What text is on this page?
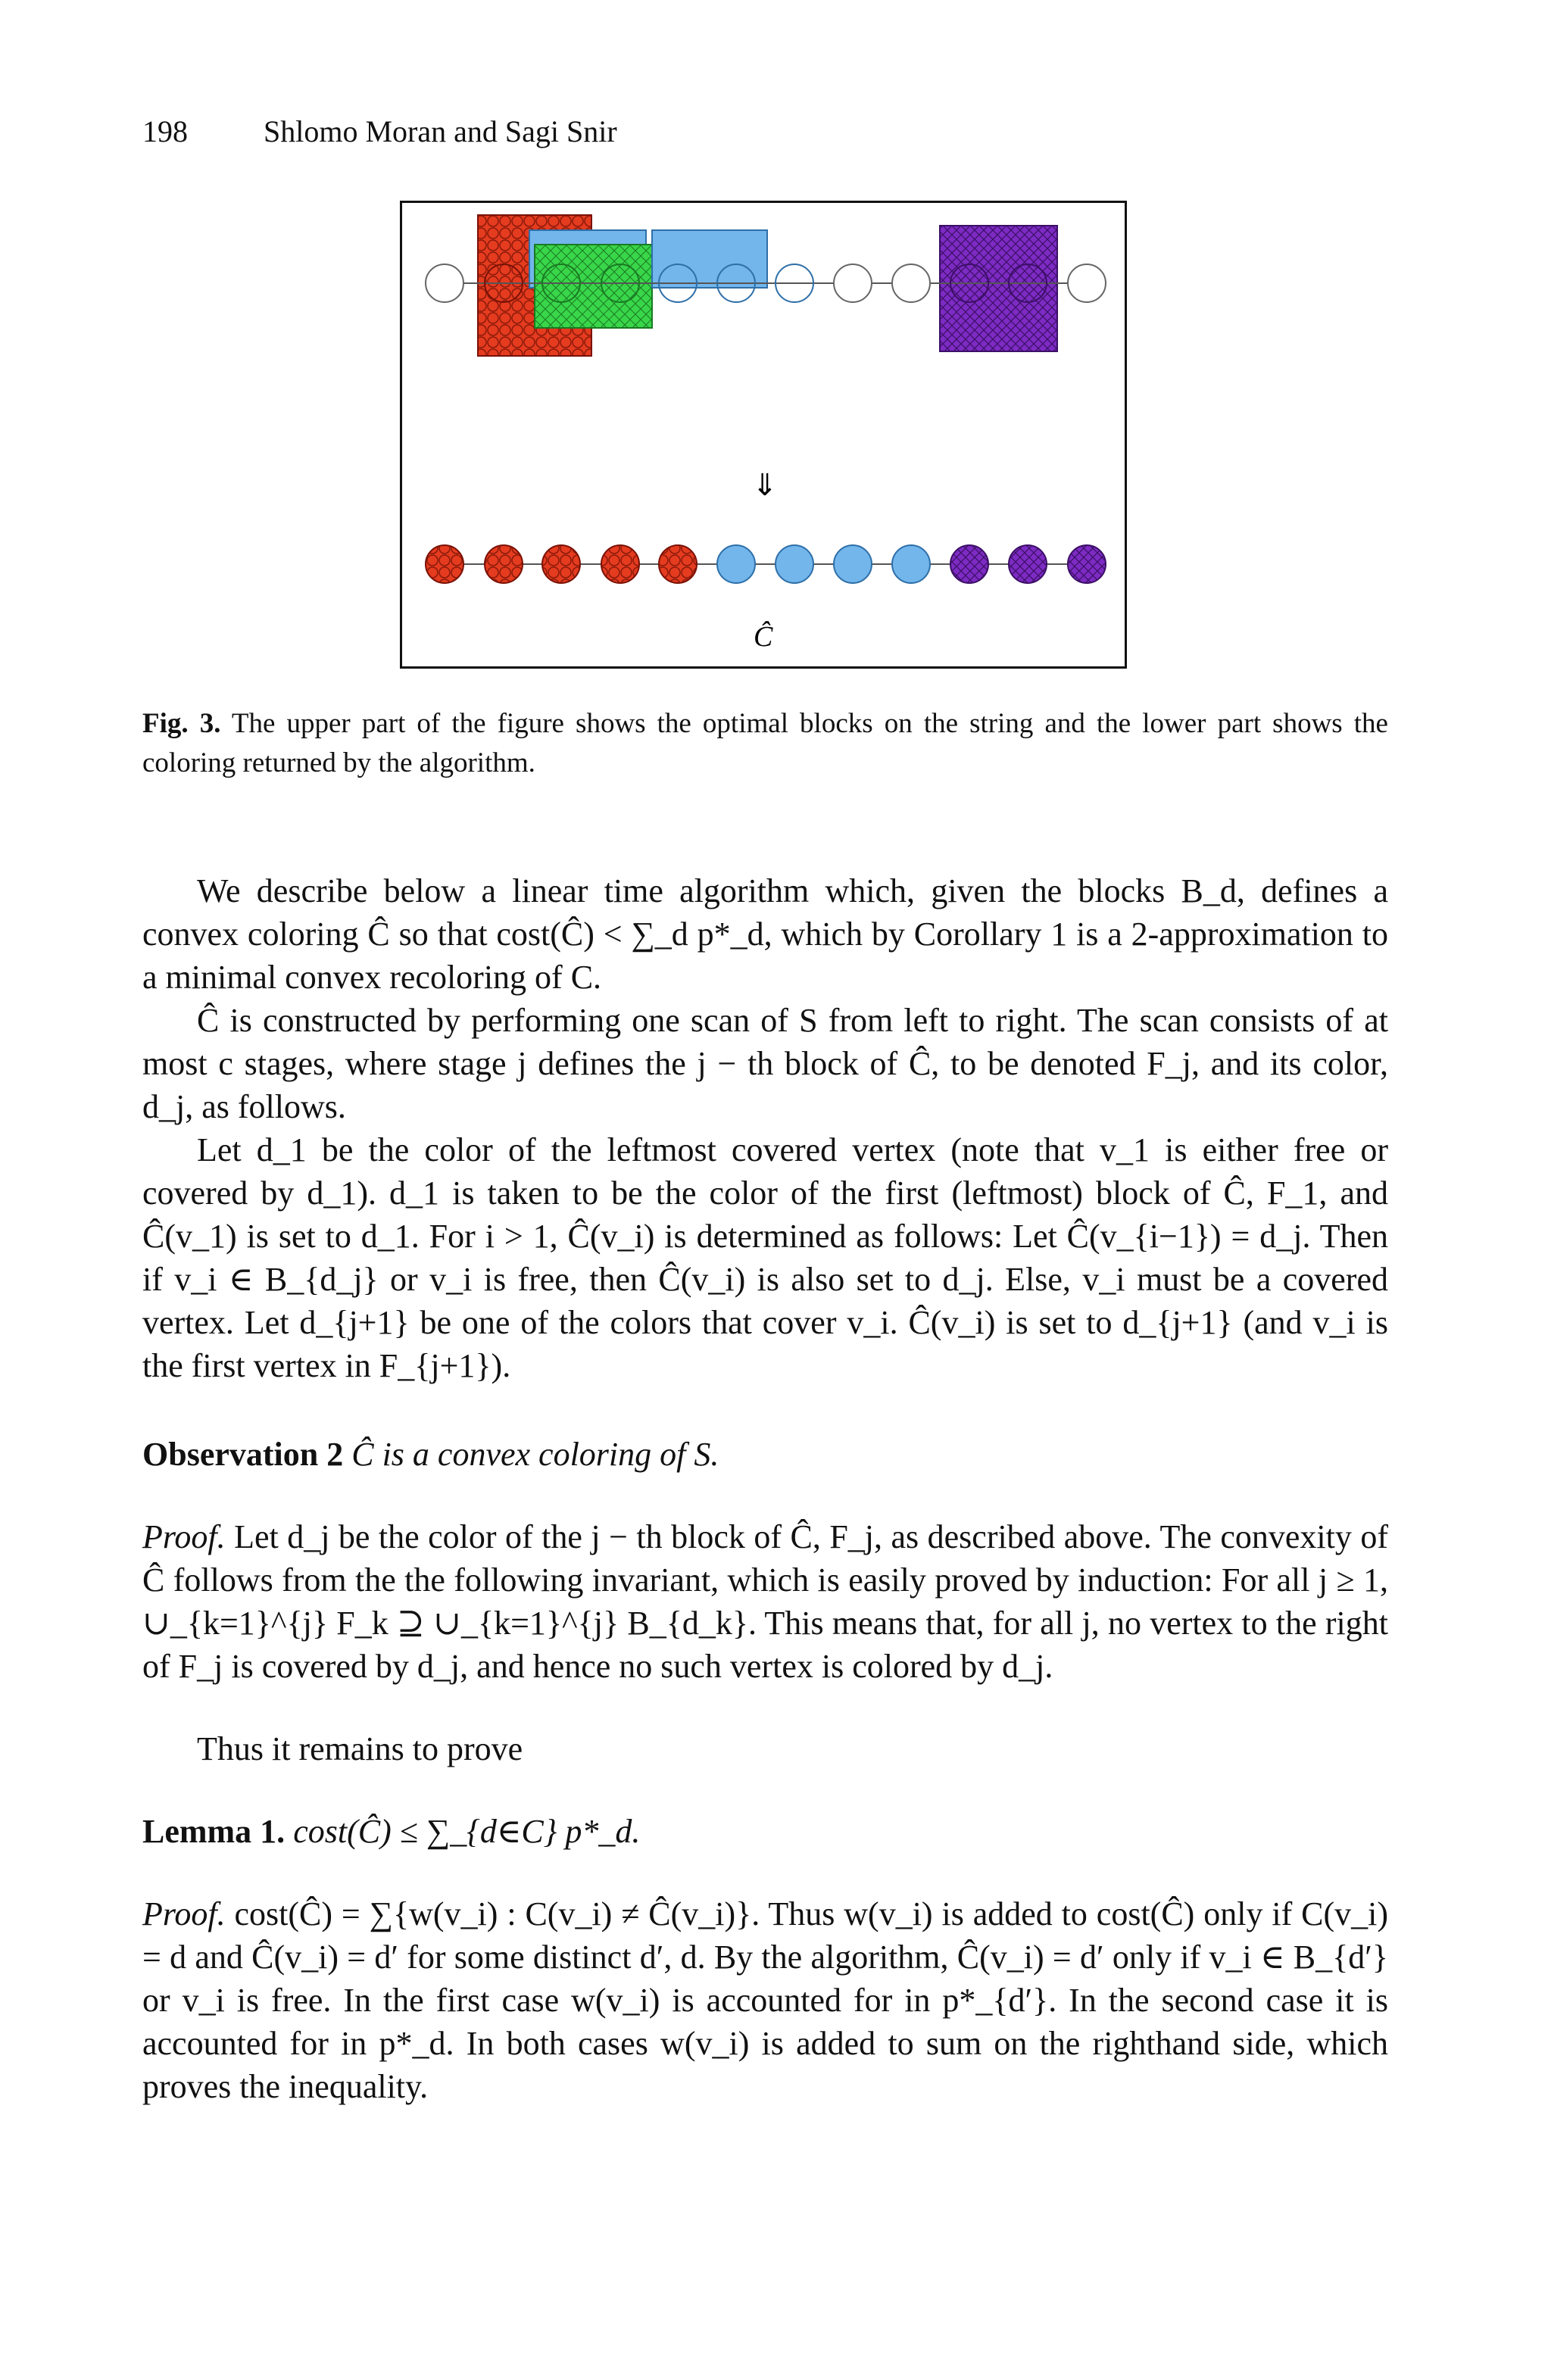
198	Shlomo Moran and Sagi Snir
⇓
Ĉ
Fig. 3. The upper part of the figure shows the optimal blocks on the string and the lower part shows the coloring returned by the algorithm.

We describe below a linear time algorithm which, given the blocks B_d, defines a convex coloring Ĉ so that cost(Ĉ) < ∑_d p*_d, which by Corollary 1 is a 2-approximation to a minimal convex recoloring of C.

Ĉ is constructed by performing one scan of S from left to right. The scan consists of at most c stages, where stage j defines the j − th block of Ĉ, to be denoted F_j, and its color, d_j, as follows.

Let d_1 be the color of the leftmost covered vertex (note that v_1 is either free or covered by d_1). d_1 is taken to be the color of the first (leftmost) block of Ĉ, F_1, and Ĉ(v_1) is set to d_1. For i > 1, Ĉ(v_i) is determined as follows: Let Ĉ(v_{i−1}) = d_j. Then if v_i ∈ B_{d_j} or v_i is free, then Ĉ(v_i) is also set to d_j. Else, v_i must be a covered vertex. Let d_{j+1} be one of the colors that cover v_i. Ĉ(v_i) is set to d_{j+1} (and v_i is the first vertex in F_{j+1}).

Observation 2 Ĉ is a convex coloring of S.

Proof. Let d_j be the color of the j − th block of Ĉ, F_j, as described above. The convexity of Ĉ follows from the the following invariant, which is easily proved by induction: For all j ≥ 1, ∪_{k=1}^{j} F_k ⊇ ∪_{k=1}^{j} B_{d_k}. This means that, for all j, no vertex to the right of F_j is covered by d_j, and hence no such vertex is colored by d_j.

Thus it remains to prove

Lemma 1. cost(Ĉ) ≤ ∑_{d∈C} p*_d.

Proof. cost(Ĉ) = ∑{w(v_i) : C(v_i) ≠ Ĉ(v_i)}. Thus w(v_i) is added to cost(Ĉ) only if C(v_i) = d and Ĉ(v_i) = d′ for some distinct d′, d. By the algorithm, Ĉ(v_i) = d′ only if v_i ∈ B_{d′} or v_i is free. In the first case w(v_i) is accounted for in p*_{d′}. In the second case it is accounted for in p*_d. In both cases w(v_i) is added to sum on the righthand side, which proves the inequality.
